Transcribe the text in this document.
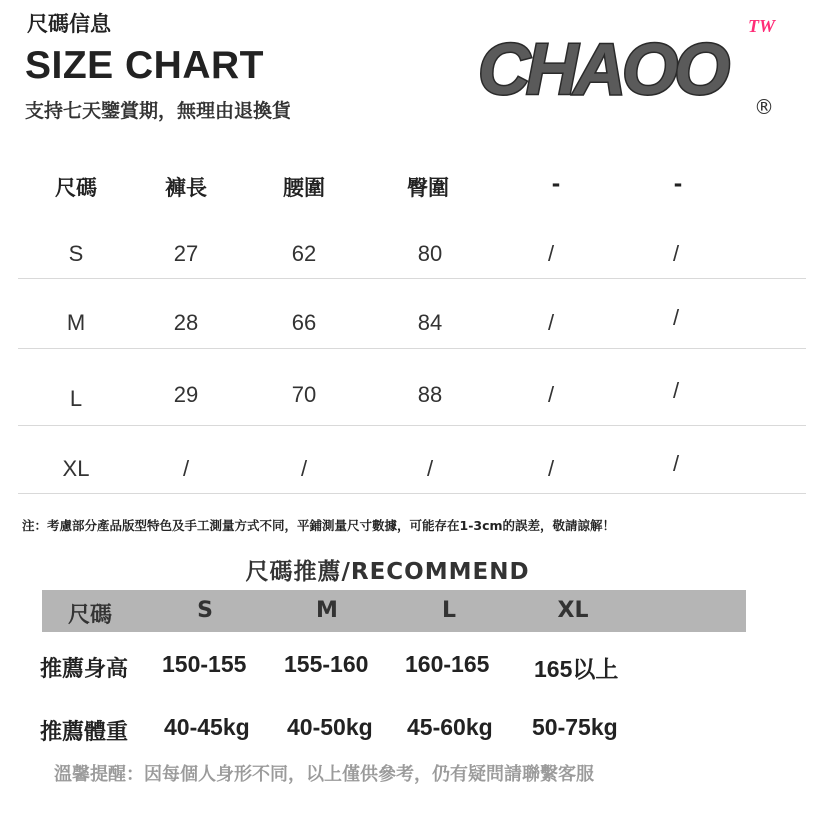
尺碼信息
SIZE CHART
支持七天鑒賞期，無理由退換貨
TW
CHAOO ®
尺碼	褲長	腰圍	臀圍	-	-
S	27	62	80	/	/
M	28	66	84	/	/
L	29	70	88	/	/
XL	/	/	/	/	/
注：考慮部分產品版型特色及手工測量方式不同，平鋪測量尺寸數據，可能存在1-3cm的誤差，敬請諒解！
尺碼推薦/RECOMMEND
尺碼	S	M	L	XL
推薦身高 150-155 155-160 160-165 165以上
推薦體重 40-45kg 40-50kg 45-60kg 50-75kg
溫馨提醒：因每個人身形不同，以上僅供參考，仍有疑問請聯繫客服
